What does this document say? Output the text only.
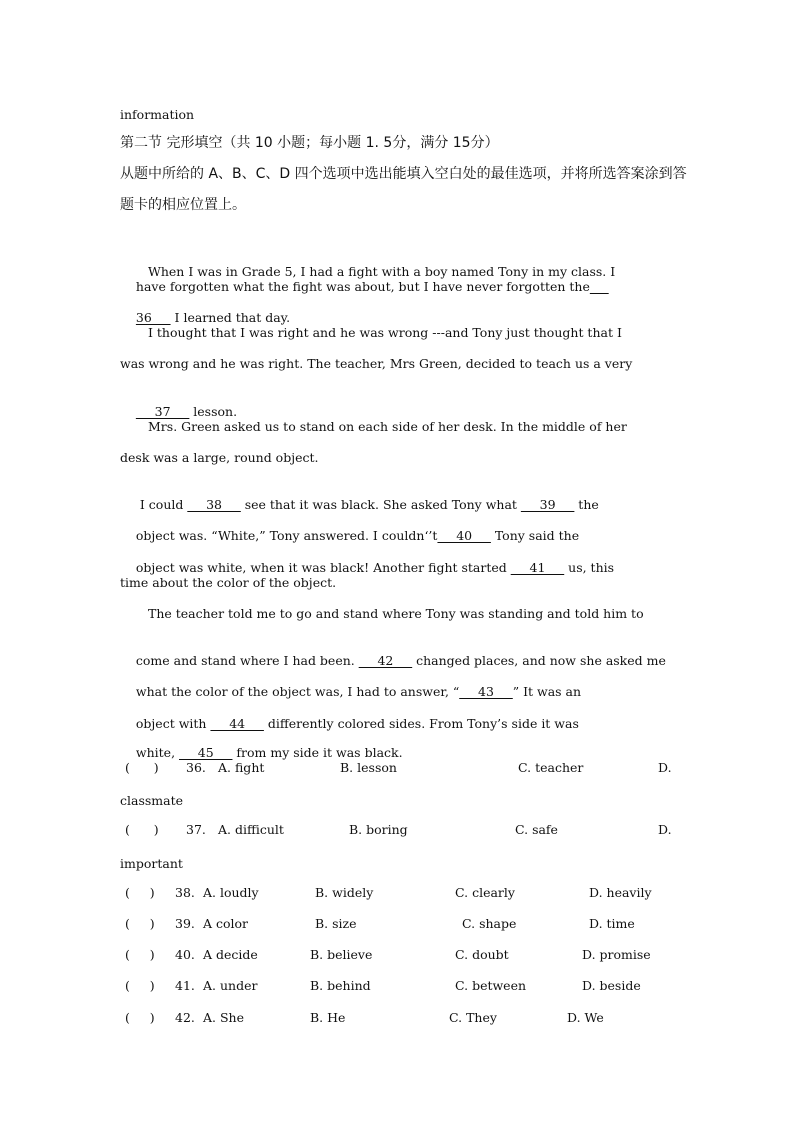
information
第二节 完形填空（共 10 小题；每小题 1. 5分，满分 15分）
从题中所给的 A、B、C、D 四个选项中选出能填入空白处的最佳选项，并将所选答案涂到答
题卡的相应位置上。

When I was in Grade 5, I had a fight with a boy named Tony in my class. I

have forgotten what the fight was about, but I have never forgotten the___

36___ I learned that day.

I thought that I was right and he was wrong ---and Tony just thought that I
was wrong and he was right. The teacher, Mrs Green, decided to teach us a very

___37___ lesson.

Mrs. Green asked us to stand on each side of her desk. In the middle of her
desk was a large, round object.

I could ___38___ see that it was black. She asked Tony what ___39___ the

object was. “White,” Tony answered. I couldn‘’t___40___ Tony said the

object was white, when it was black! Another fight started ___41___ us, this

time about the color of the object.
The teacher told me to go and stand where Tony was standing and told him to

come and stand where I had been. ___42___ changed places, and now she asked me

what the color of the object was, I had to answer, “___43___” It was an

object with ___44___ differently colored sides. From Tony’s side it was

white, ___45___ from my side it was black.

(      ) 36. A. fight	B. lesson	C. teacher	D.
classmate
(      ) 37. A. difficult	B. boring	C. safe	D.
important
(     ) 38. A. loudly	B. widely	C. clearly	D. heavily
(     ) 39. A color	B. size	C. shape	D. time
(     ) 40. A decide	B. believe	C. doubt	D. promise
(     ) 41. A. under	B. behind	C. between	D. beside
(     ) 42. A. She	B. He	C. They	D. We
